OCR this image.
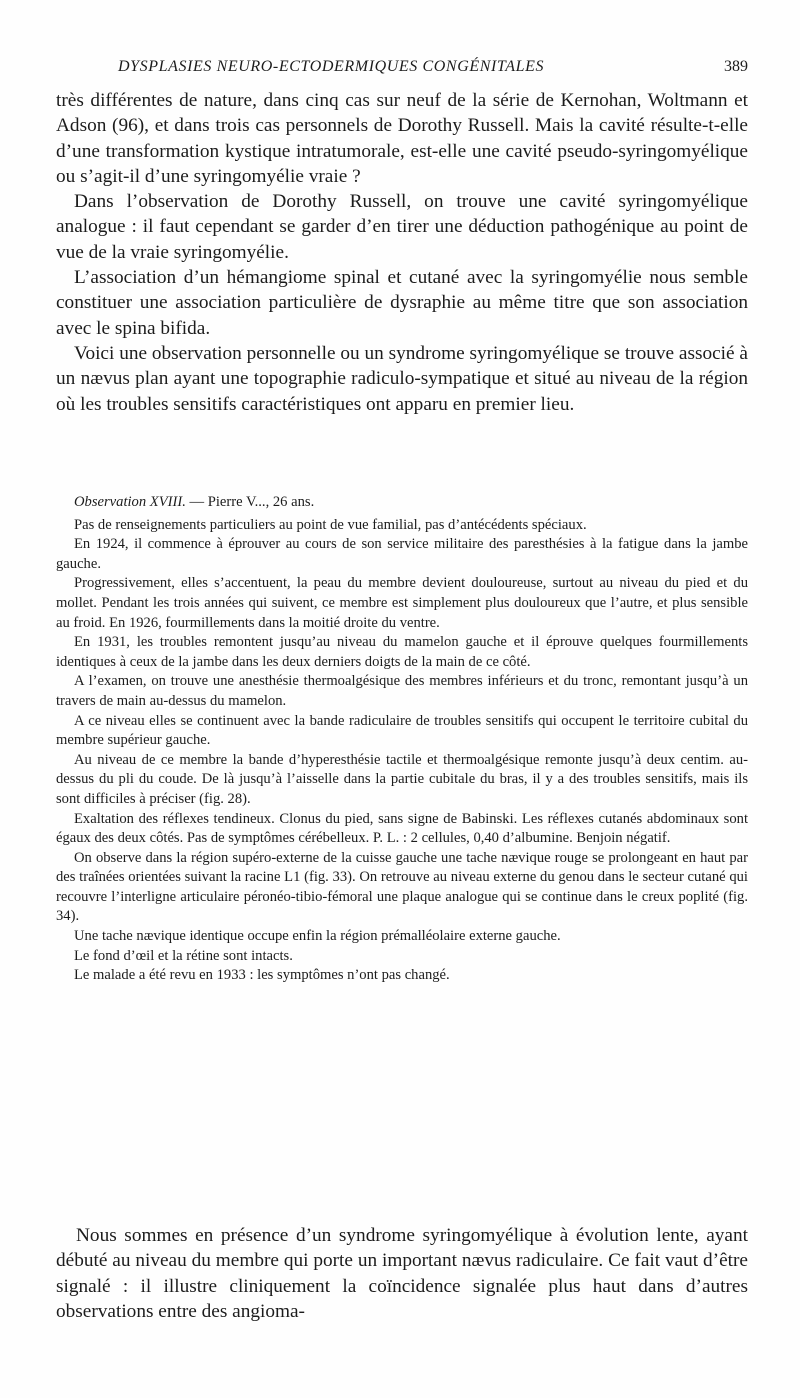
DYSPLASIES NEURO-ECTODERMIQUES CONGÉNITALES	389

très différentes de nature, dans cinq cas sur neuf de la série de Kernohan, Woltmann et Adson (96), et dans trois cas personnels de Dorothy Russell. Mais la cavité résulte-t-elle d’une transformation kystique intratumorale, est-elle une cavité pseudo-syringomyélique ou s’agit-il d’une syringomyélie vraie ?

Dans l’observation de Dorothy Russell, on trouve une cavité syringomyélique analogue : il faut cependant se garder d’en tirer une déduction pathogénique au point de vue de la vraie syringomyélie.

L’association d’un hémangiome spinal et cutané avec la syringomyélie nous semble constituer une association particulière de dysraphie au même titre que son association avec le spina bifida.

Voici une observation personnelle ou un syndrome syringomyélique se trouve associé à un nævus plan ayant une topographie radiculo-sympatique et situé au niveau de la région où les troubles sensitifs caractéristiques ont apparu en premier lieu.

Observation XVIII. — Pierre V..., 26 ans.

Pas de renseignements particuliers au point de vue familial, pas d’antécédents spéciaux.

En 1924, il commence à éprouver au cours de son service militaire des paresthésies à la fatigue dans la jambe gauche.

Progressivement, elles s’accentuent, la peau du membre devient douloureuse, surtout au niveau du pied et du mollet. Pendant les trois années qui suivent, ce membre est simplement plus douloureux que l’autre, et plus sensible au froid. En 1926, fourmillements dans la moitié droite du ventre.

En 1931, les troubles remontent jusqu’au niveau du mamelon gauche et il éprouve quelques fourmillements identiques à ceux de la jambe dans les deux derniers doigts de la main de ce côté.

A l’examen, on trouve une anesthésie thermoalgésique des membres inférieurs et du tronc, remontant jusqu’à un travers de main au-dessus du mamelon.

A ce niveau elles se continuent avec la bande radiculaire de troubles sensitifs qui occupent le territoire cubital du membre supérieur gauche.

Au niveau de ce membre la bande d’hyperesthésie tactile et thermoalgésique remonte jusqu’à deux centim. au-dessus du pli du coude. De là jusqu’à l’aisselle dans la partie cubitale du bras, il y a des troubles sensitifs, mais ils sont difficiles à préciser (fig. 28).

Exaltation des réflexes tendineux. Clonus du pied, sans signe de Babinski. Les réflexes cutanés abdominaux sont égaux des deux côtés. Pas de symptômes cérébelleux. P. L. : 2 cellules, 0,40 d’albumine. Benjoin négatif.

On observe dans la région supéro-externe de la cuisse gauche une tache nævique rouge se prolongeant en haut par des traînées orientées suivant la racine L1 (fig. 33). On retrouve au niveau externe du genou dans le secteur cutané qui recouvre l’interligne articulaire péronéo-tibio-fémoral une plaque analogue qui se continue dans le creux poplité (fig. 34).

Une tache nævique identique occupe enfin la région prémalléolaire externe gauche.

Le fond d’œil et la rétine sont intacts.

Le malade a été revu en 1933 : les symptômes n’ont pas changé.

Nous sommes en présence d’un syndrome syringomyélique à évolution lente, ayant débuté au niveau du membre qui porte un important nævus radiculaire. Ce fait vaut d’être signalé : il illustre cliniquement la coïncidence signalée plus haut dans d’autres observations entre des angioma-
